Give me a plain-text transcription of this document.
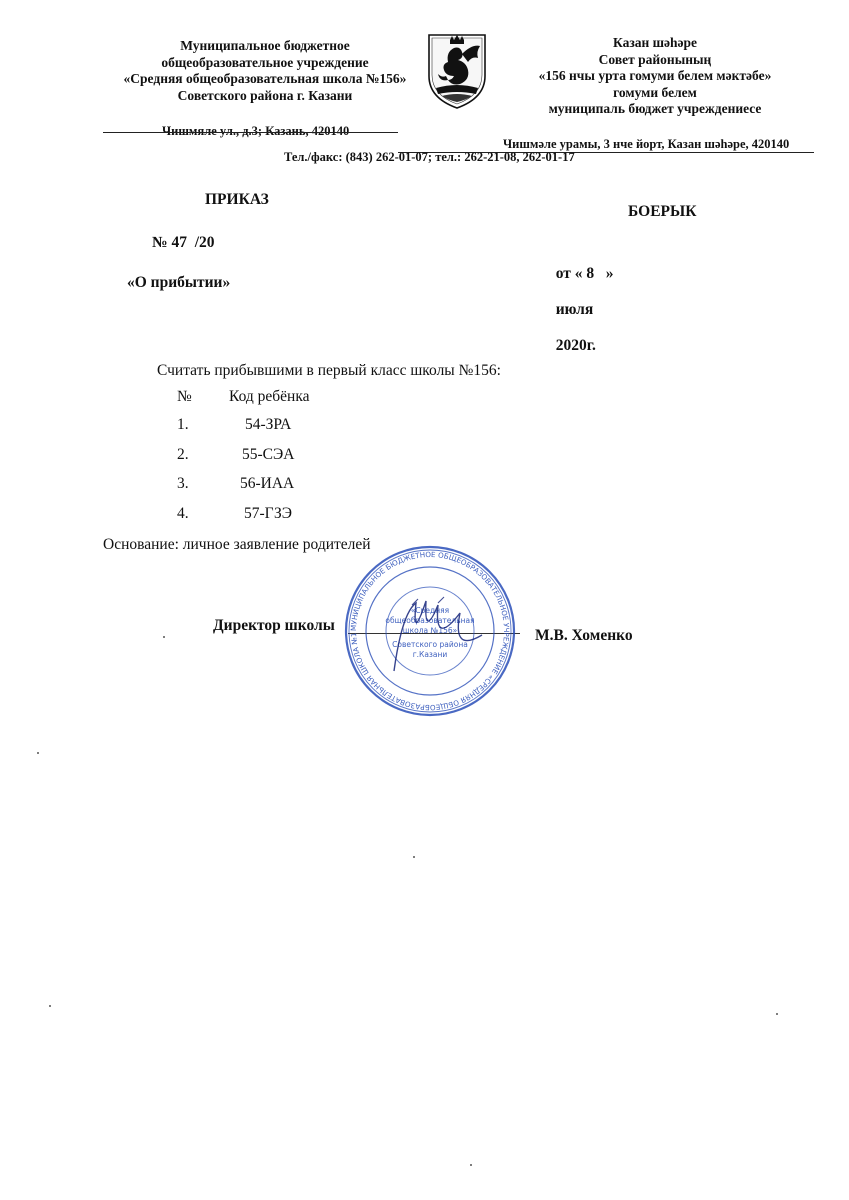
Муниципальное бюджетное
общеобразовательное учреждение
«Средняя общеобразовательная школа №156»
Советского района г. Казани
Казан шәһәре
Совет районының
«156 нчы урта гомуми белем мәктәбе»
гомуми белем
муниципаль бюджет учреждениесе
Чишмяле ул., д.3; Казань, 420140
Чишмәле урамы, 3 нче йорт, Казан шәһәре, 420140
Тел./факс: (843) 262-01-07; тел.: 262-21-08, 262-01-17
ПРИКАЗ
БОЕРЫК
№ 47  /20

от « 8   »

июля

2020г.

«О прибытии»
Считать прибывшими в первый класс школы №156:
№ Код ребёнка
1.	54-ЗРА
2.	55-СЭА
3.	56-ИАА
4.	57-ГЗЭ
Основание: личное заявление родителей
Директор школы
М.В. Хоменко
МУНИЦИПАЛЬНОЕ БЮДЖЕТНОЕ ОБЩЕОБРАЗОВАТЕЛЬНОЕ УЧРЕЖДЕНИЕ «СРЕДНЯЯ ОБЩЕОБРАЗОВАТЕЛЬНАЯ ШКОЛА №1
«Средняя
общеобразовательная
школа №156»
Советского района
г.Казани
